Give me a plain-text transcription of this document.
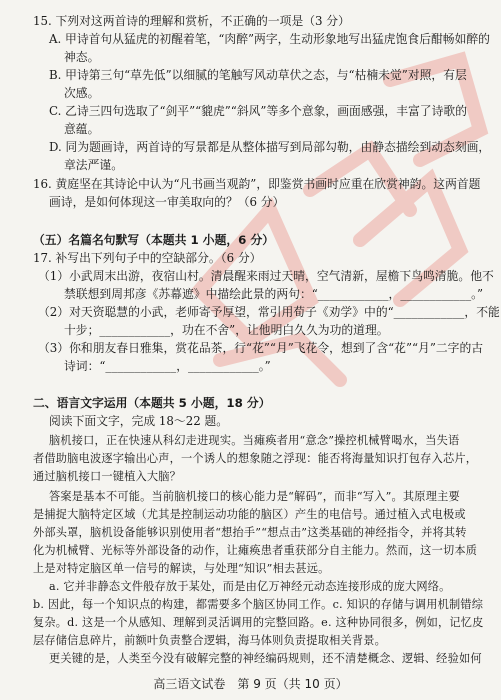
15. 下列对这两首诗的理解和赏析，不正确的一项是（3 分）
A. 甲诗首句从猛虎的初醒着笔，“肉醉”两字，生动形象地写出猛虎饱食后酣畅如醉的
神态。
B. 甲诗第三句“草先低”以细腻的笔触写风动草伏之态，与“枯楠未觉”对照，有层
次感。
C. 乙诗三四句选取了“剑平”“貔虎”“斜风”等多个意象，画面感强，丰富了诗歌的
意蕴。
D. 同为题画诗，两首诗的写景都是从整体描写到局部勾勒，由静态描绘到动态刻画，
章法严谨。
16. 黄庭坚在其诗论中认为“凡书画当观韵”，即鉴赏书画时应重在欣赏神韵。这两首题
画诗，是如何体现这一审美取向的？（6 分）
（五）名篇名句默写（本题共 1 小题，6 分）
17. 补写出下列句子中的空缺部分。（6 分）
（1）小武周末出游，夜宿山村。清晨醒来雨过天晴，空气清新，屋檐下鸟鸣清脆。他不
禁联想到周邦彦《苏幕遮》中描绘此景的两句：“____________，____________。”
（2）对天资聪慧的小武，老师寄予厚望，常引用荀子《劝学》中的“____________，不能
十步；____________，功在不舍”，让他明白久久为功的道理。
（3）你和朋友春日雅集，赏花品茶，行“花”“月”飞花令，想到了含“花”“月”二字的古
诗词：“____________，____________。”
二、语言文字运用（本题共 5 小题，18 分）
阅读下面文字，完成 18～22 题。
脑机接口，正在快速从科幻走进现实。当瘫痪者用“意念”操控机械臂喝水，当失语
者借助脑电波逐字输出心声，一个诱人的想象随之浮现：能否将海量知识打包存入芯片，
通过脑机接口一键植入大脑？
答案是基本不可能。当前脑机接口的核心能力是“解码”，而非“写入”。其原理主要
是捕捉大脑特定区域（尤其是控制运动功能的脑区）产生的电信号。通过植入式电极或
外部头罩，脑机设备能够识别使用者“想抬手”“想点击”这类基础的神经指令，并将其转
化为机械臂、光标等外部设备的动作，让瘫痪患者重获部分自主能力。然而，这一切本质
上是对特定脑区单一信号的解读，与处理“知识”相去甚远。
a. 它并非静态文件般存放于某处，而是由亿万神经元动态连接形成的庞大网络。
b. 因此，每一个知识点的构建，都需要多个脑区协同工作。c. 知识的存储与调用机制错综
复杂。d. 这是一个从感知、理解到灵活调用的完整回路。e. 这种协同很多，例如，记忆皮
层存储信息碎片，前额叶负责整合逻辑，海马体则负责提取相关背景。
更关键的是，人类至今没有破解完整的神经编码规则，还不清楚概念、逻辑、经验如何
高三语文试卷　第 9 页（共 10 页）
